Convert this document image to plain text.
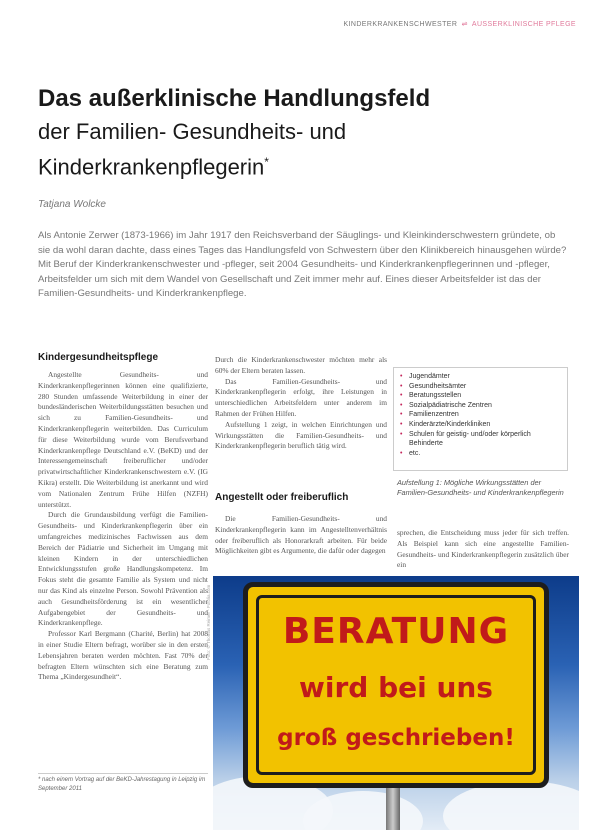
KINDERKRANKENSCHWESTER ⇌ AUSSERKLINISCHE PFLEGE
Das außerklinische Handlungsfeld
der Familien- Gesundheits- und Kinderkrankenpflegerin*
Tatjana Wolcke
Als Antonie Zerwer (1873-1966) im Jahr 1917 den Reichsverband der Säuglings- und Kleinkinderschwestern gründete, ob sie da wohl daran dachte, dass eines Tages das Handlungsfeld von Schwestern über den Klinikbereich hinausgehen würde? Mit Beruf der Kinderkrankenschwester und -pfleger, seit 2004 Gesundheits- und Kinderkrankenpflegerinnen und -pfleger, Arbeitsfelder um sich mit dem Wandel von Gesellschaft und Zeit immer mehr auf. Eines dieser Arbeitsfelder ist das der Familien-Gesundheits- und Kinderkrankenpflege.
Kindergesundheitspflege

Angestellte Gesundheits- und Kinderkrankenpflegerinnen können eine qualifizierte, 280 Stunden umfassende Weiterbildung in einer der bundesländerischen Weiterbildungsstätten besuchen und sich zu Familien-Gesundheits- und Kinderkrankenpflegerin weiterbilden. Das Curriculum für diese Weiterbildung wurde vom Berufsverband Kinderkrankenpflege Deutschland e.V. (BeKD) und der Interessengemeinschaft freiberuflicher und/oder privatwirtschaftlicher Kinderkrankenschwestern e.V. (IG Kikra) erstellt. Die Weiterbildung ist anerkannt und wird vom Nationalen Zentrum Frühe Hilfen (NZFH) unterstützt.

Durch die Grundausbildung verfügt die Familien-Gesundheits- und Kinderkrankenpflegerin über ein umfangreiches medizinisches Fachwissen aus dem Bereich der Pädiatrie und Sicherheit im Umgang mit kleinen Kindern in der unterschiedlichen Entwicklungsstufen große Handlungskompetenz. Im Fokus steht die gesamte Familie als System und nicht nur das Kind als einzelne Person. Sowohl Prävention als auch Gesundheitsförderung ist ein wesentlicher Aufgabengebiet der Gesundheits- und Kinderkrankenpflege.

Professor Karl Bergmann (Charité, Berlin) hat 2008 in einer Studie Eltern befragt, worüber sie in den ersten Lebensjahren beraten werden möchten. Fast 70% der befragten Eltern wünschten sich eine Beratung zum Thema „Kindergesundheit“.

* nach einem Vortrag auf der BeKD-Jahrestagung in Leipzig im September 2011

Durch die Kinderkrankenschwester möchten mehr als 60% der Eltern beraten lassen.

Das Familien-Gesundheits- und Kinderkrankenpflegerin erfolgt, ihre Leistungen in unterschiedlichen Arbeitsfeldern unter anderem im Rahmen der Frühen Hilfen.

Aufstellung 1 zeigt, in welchen Einrichtungen und Wirkungsstätten die Familien-Gesundheits- und Kinderkrankenpflegerin beruflich tätig wird.

Angestellt oder freiberuflich

Die Familien-Gesundheits- und Kinderkrankenpflegerin kann im Angestelltenverhältnis oder freiberuflich als Honorarkraft arbeiten. Für beide Möglichkeiten gibt es Argumente, die dafür oder dagegen

• Jugendämter
• Gesundheitsämter
• Beratungsstellen
• Sozialpädiatrische Zentren
• Familienzentren
• Kinderärzte/Kinderkliniken
• Schulen für geistig- und/oder körperlich Behinderte
• etc.
Aufstellung 1: Mögliche Wirkungsstätten der Familien-Gesundheits- und Kinderkrankenpflegerin

sprechen, die Entscheidung muss jeder für sich treffen. Als Beispiel kann sich eine angestellte Familien-Gesundheits- und Kinderkrankenpflegerin zusätzlich über ein

Foto: © Thomas Reimer - Fotolia.com	BERATUNG
wird bei uns
groß geschrieben!
